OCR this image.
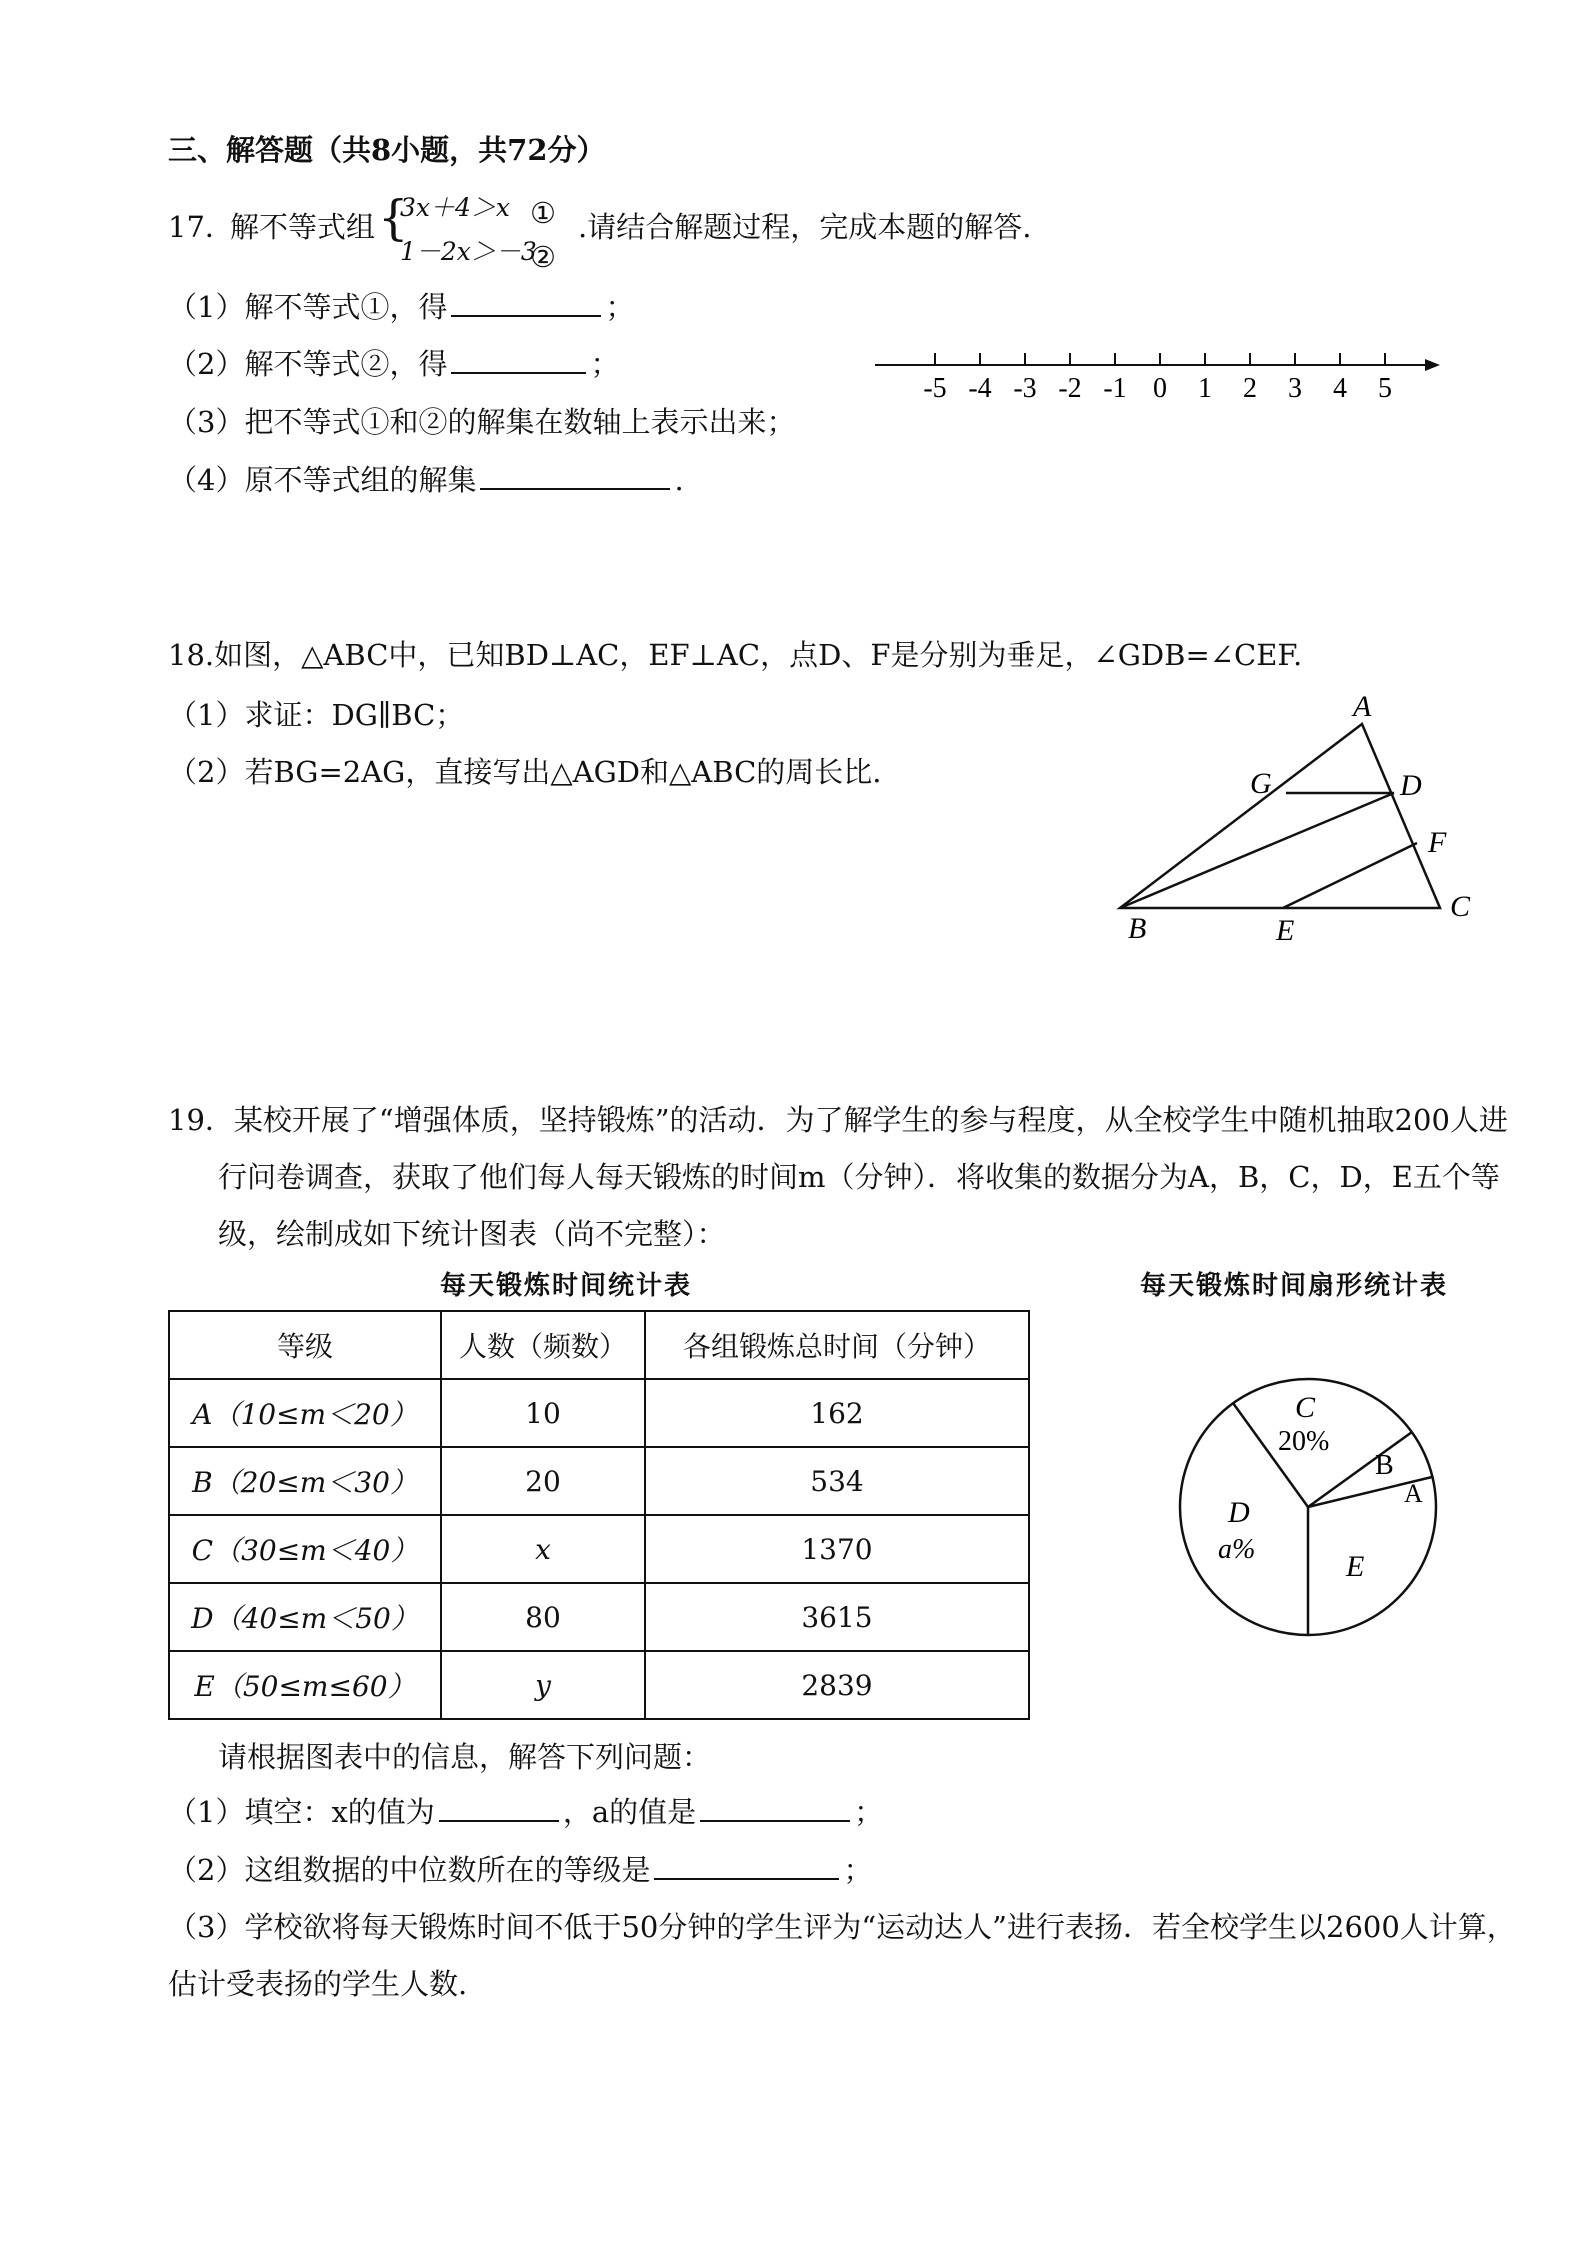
三、解答题（共8小题，共72分）
17．
解不等式组 {
3x＋4＞x
1－2x＞－3
①
②
.请结合解题过程，完成本题的解答.
（1）解不等式①，得	；
（2）解不等式②，得	；
（3）把不等式①和②的解集在数轴上表示出来；
（4）原不等式组的解集	.
-5 -4 -3 -2 -1 0 1 2 3 4 5
18.如图，△ABC中，已知BD⊥AC，EF⊥AC，点D、F是分别为垂足，∠GDB=∠CEF.
（1）求证：DG∥BC；
（2）若BG=2AG，直接写出△AGD和△ABC的周长比.
A
G	D
F
C
B	E
19．某校开展了“增强体质，坚持锻炼”的活动．为了解学生的参与程度，从全校学生中随机抽取200人进
行问卷调查，获取了他们每人每天锻炼的时间m（分钟）．将收集的数据分为A，B，C，D，E五个等
级，绘制成如下统计图表（尚不完整）：
每天锻炼时间统计表	每天锻炼时间扇形统计表
等级	人数（频数）	各组锻炼总时间（分钟）
A（10≤m＜20）	10	162
B（20≤m＜30）	20	534
C（30≤m＜40）	x	1370
D（40≤m＜50）	80	3615
E（50≤m≤60）	y	2839
C
20%
B
A
D
a%
E
请根据图表中的信息，解答下列问题：
（1）填空：x的值为	，a的值是	；
（2）这组数据的中位数所在的等级是	；
（3）学校欲将每天锻炼时间不低于50分钟的学生评为“运动达人”进行表扬．若全校学生以2600人计算，
估计受表扬的学生人数.
